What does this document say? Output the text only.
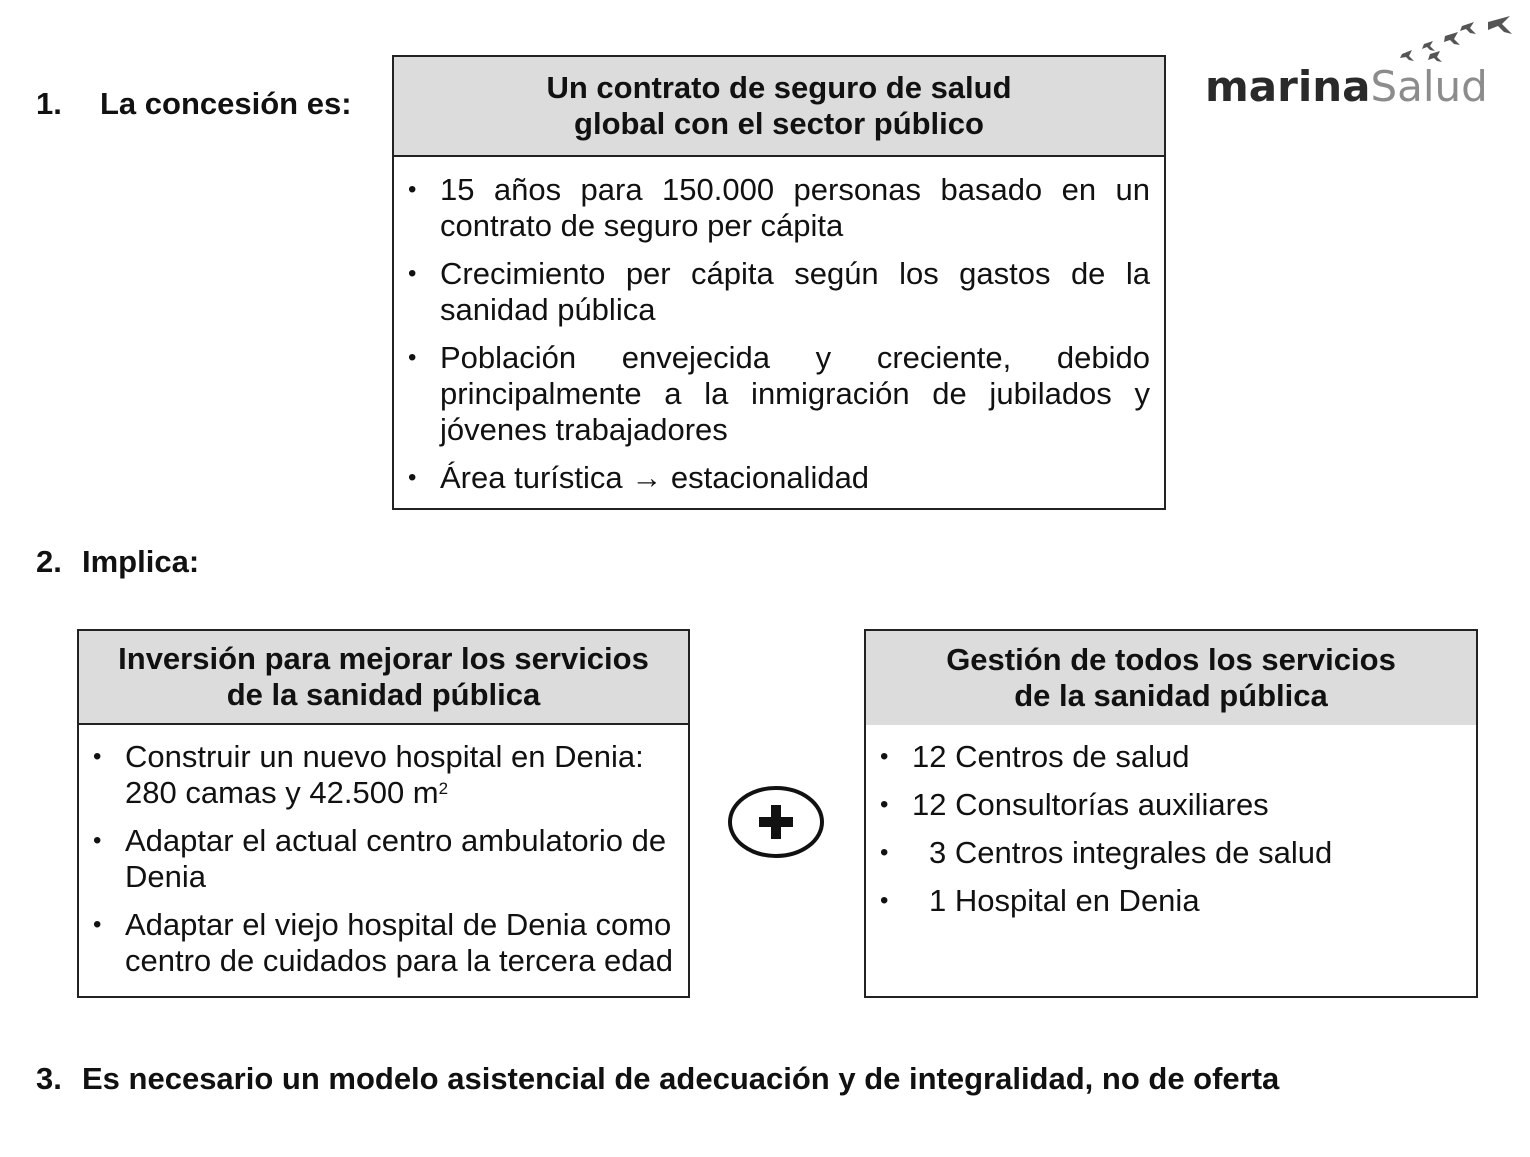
marinaSalud
1. La concesión es:	Un contrato de seguro de salud
global con el sector público
• 15 años para 150.000 personas basado en un contrato de seguro per cápita
• Crecimiento per cápita según los gastos de la sanidad pública
• Población envejecida y creciente, debido principalmente a la inmigración de jubilados y jóvenes trabajadores
• Área turística → estacionalidad
2. Implica:
Inversión para mejorar los servicios
de la sanidad pública
• Construir un nuevo hospital en Denia: 280 camas y 42.500 $m^2$
• Adaptar el actual centro ambulatorio de Denia
• Adaptar el viejo hospital de Denia como centro de cuidados para la tercera edad
Gestión de todos los servicios
de la sanidad pública
• 12 Centros de salud
• 12 Consultorías auxiliares
• 3 Centros integrales de salud
• 1 Hospital en Denia
3. Es necesario un modelo asistencial de adecuación y de integralidad, no de oferta
